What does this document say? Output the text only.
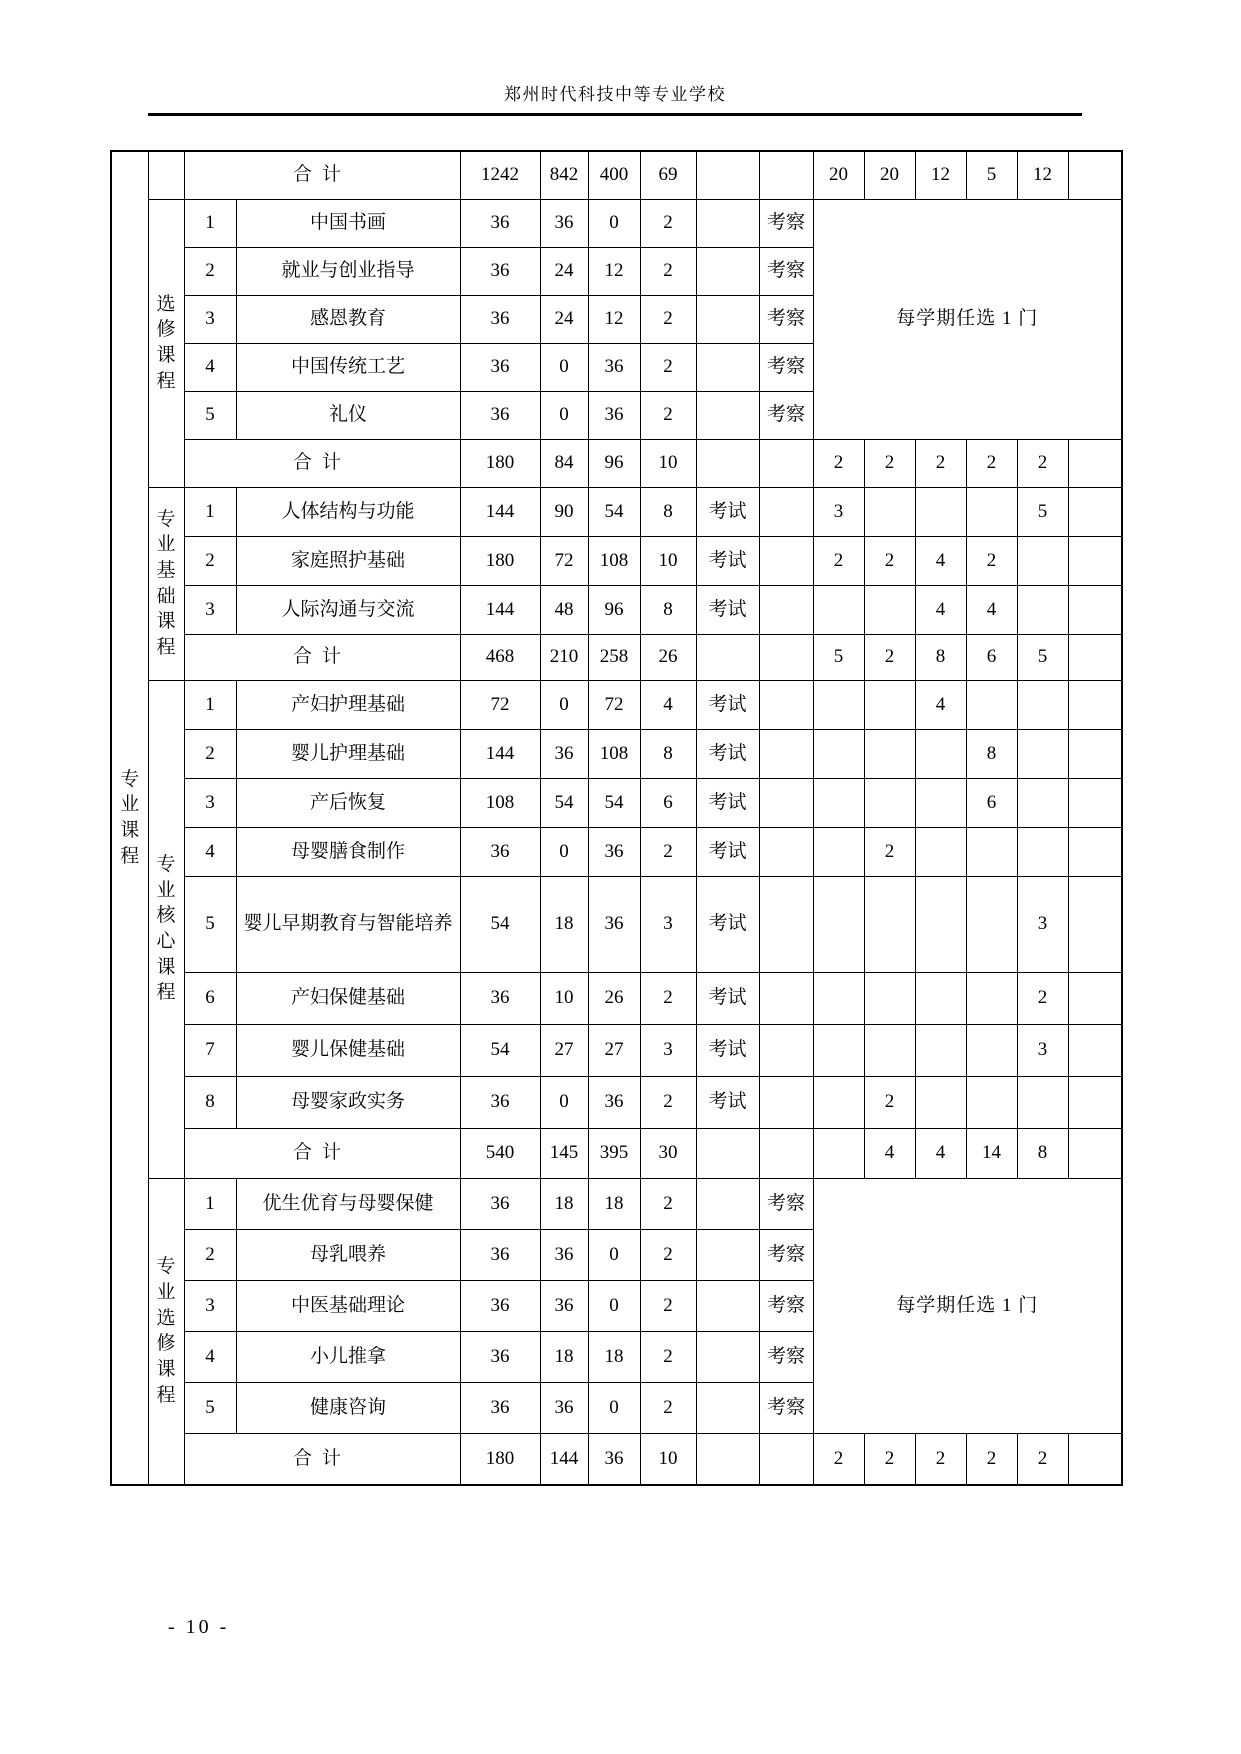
郑州时代科技中等专业学校
专业课程		合计		1242	842	400	69			20	20	12	5	12	
	选修课程	1	中国书画	36	36	0	2		考察	每学期任选 1 门					
		2	就业与创业指导	36	24	12	2		考察						
		3	感恩教育	36	24	12	2		考察						
		4	中国传统工艺	36	0	36	2		考察						
		5	礼仪	36	0	36	2		考察						
		合计		180	84	96	10			2	2	2	2	2	
	专业基础课程	1	人体结构与功能	144	90	54	8	考试		3				5	
		2	家庭照护基础	180	72	108	10	考试		2	2	4	2		
		3	人际沟通与交流	144	48	96	8	考试				4	4		
		合计		468	210	258	26			5	2	8	6	5	
	专业核心课程	1	产妇护理基础	72	0	72	4	考试				4			
		2	婴儿护理基础	144	36	108	8	考试					8		
		3	产后恢复	108	54	54	6	考试					6		
		4	母婴膳食制作	36	0	36	2	考试			2				
		5	婴儿早期教育与智能培养	54	18	36	3	考试						3	
		6	产妇保健基础	36	10	26	2	考试						2	
		7	婴儿保健基础	54	27	27	3	考试						3	
		8	母婴家政实务	36	0	36	2	考试			2				
		合计		540	145	395	30				4	4	14	8	
	专业选修课程	1	优生优育与母婴保健	36	18	18	2		考察	每学期任选 1 门					
		2	母乳喂养	36	36	0	2		考察						
		3	中医基础理论	36	36	0	2		考察						
		4	小儿推拿	36	18	18	2		考察						
		5	健康咨询	36	36	0	2		考察						
		合计		180	144	36	10			2	2	2	2	2	
- 10 -
